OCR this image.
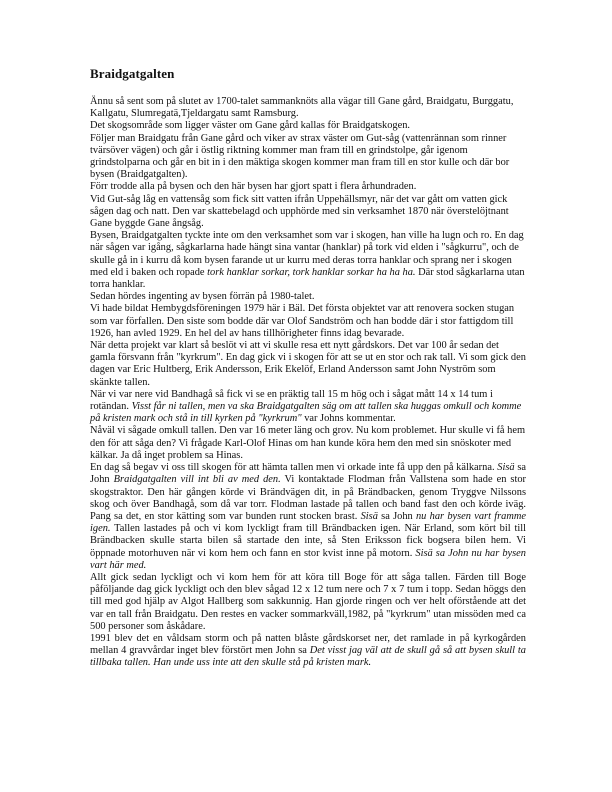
Braidgatgalten

Ännu så sent som på slutet av 1700-talet sammanknöts alla vägar till Gane gård, Braidgatu, Burggatu, Kallgatu, Slumregatä,Tjeldargatu samt Ramsburg.

Det skogsområde som ligger väster om Gane gård kallas för Braidgatskogen.

Följer man Braidgatu från Gane gård och viker av strax väster om Gut-såg (vattenrännan som rinner tvärsöver vägen) och går i östlig riktning kommer man fram till en grindstolpe, går igenom grindstolparna och går en bit in i den mäktiga skogen kommer man fram till en stor kulle och där bor bysen (Braidgatgalten).

Förr trodde alla på bysen och den här bysen har gjort spatt i flera århundraden.

Vid Gut-såg låg en vattensåg som fick sitt vatten ifrån Uppehällsmyr, när det var gått om vatten gick sågen dag och natt. Den var skattebelagd och upphörde med sin verksamhet 1870 när överstelöjtnant Gane byggde Gane ångsåg.

Bysen, Braidgatgalten tyckte inte om den verksamhet som var i skogen, han ville ha lugn och ro. En dag när sågen var igång, sågkarlarna hade hängt sina vantar (hanklar) på tork vid elden i "sågkurru", och de skulle gå in i kurru då kom bysen farande ut ur kurru med deras torra hanklar och sprang ner i skogen med eld i baken och ropade tork hanklar sorkar, tork hanklar sorkar ha ha ha. Där stod sågkarlarna utan torra hanklar.

Sedan hördes ingenting av bysen förrän på 1980-talet.

Vi hade bildat Hembygdsföreningen 1979 här i Bäl. Det första objektet var att renovera socken stugan som var förfallen. Den siste som bodde där var Olof Sandström och han bodde där i stor fattigdom till 1926, han avled 1929. En hel del av hans tillhörigheter finns idag bevarade.

När detta projekt var klart så beslöt vi att vi skulle resa ett nytt gårdskors. Det var 100 år sedan det gamla försvann från "kyrkrum". En dag gick vi i skogen för att se ut en stor och rak tall. Vi som gick den dagen var Eric Hultberg, Erik Andersson, Erik Ekelöf, Erland Andersson samt John Nyström som skänkte tallen.

När vi var nere vid Bandhagå så fick vi se en präktig tall 15 m hög och i sågat mått 14 x 14 tum i rotändan. Visst får ni tallen, men va ska Braidgatgalten säg om att tallen ska huggas omkull och komme på kristen mark och stå in till kyrken på "kyrkrum" var Johns kommentar.

Nåväl vi sågade omkull tallen. Den var 16 meter läng och grov. Nu kom problemet. Hur skulle vi få hem den för att såga den? Vi frågade Karl-Olof Hinas om han kunde köra hem den med sin snöskoter med kälkar. Ja då inget problem sa Hinas.

En dag så begav vi oss till skogen för att hämta tallen men vi orkade inte få upp den på kälkarna. Sisä sa John Braidgatgalten vill int bli av med den. Vi kontaktade Flodman från Vallstena som hade en stor skogstraktor. Den här gången körde vi Brändvägen dit, in på Brändbacken, genom Tryggve Nilssons skog och över Bandhagå, som då var torr. Flodman lastade på tallen och band fast den och körde iväg. Pang sa det, en stor kätting som var bunden runt stocken brast. Sisä sa John nu har bysen vart framme igen. Tallen lastades på och vi kom lyckligt fram till Brändbacken igen. När Erland, som kört bil till Brändbacken skulle starta bilen så startade den inte, så Sten Eriksson fick bogsera bilen hem. Vi öppnade motorhuven när vi kom hem och fann en stor kvist inne på motorn. Sisä sa John nu har bysen vart här med.

Allt gick sedan lyckligt och vi kom hem för att köra till Boge för att såga tallen. Färden till Boge påföljande dag gick lyckligt och den blev sågad 12 x 12 tum nere och 7 x 7 tum i topp. Sedan höggs den till med god hjälp av Algot Hallberg som sakkunnig. Han gjorde ringen och ver helt oförstående att det var en tall från Braidgatu. Den restes en vacker sommarkväll,1982, på "kyrkrum" utan missöden med ca 500 personer som åskådare.

1991 blev det en våldsam storm och på natten blåste gårdskorset ner, det ramlade in på kyrkogården mellan 4 gravvårdar inget blev förstört men John sa Det visst jag väl att de skull gå så att bysen skull ta tillbaka tallen. Han unde uss inte att den skulle stå på kristen mark.
